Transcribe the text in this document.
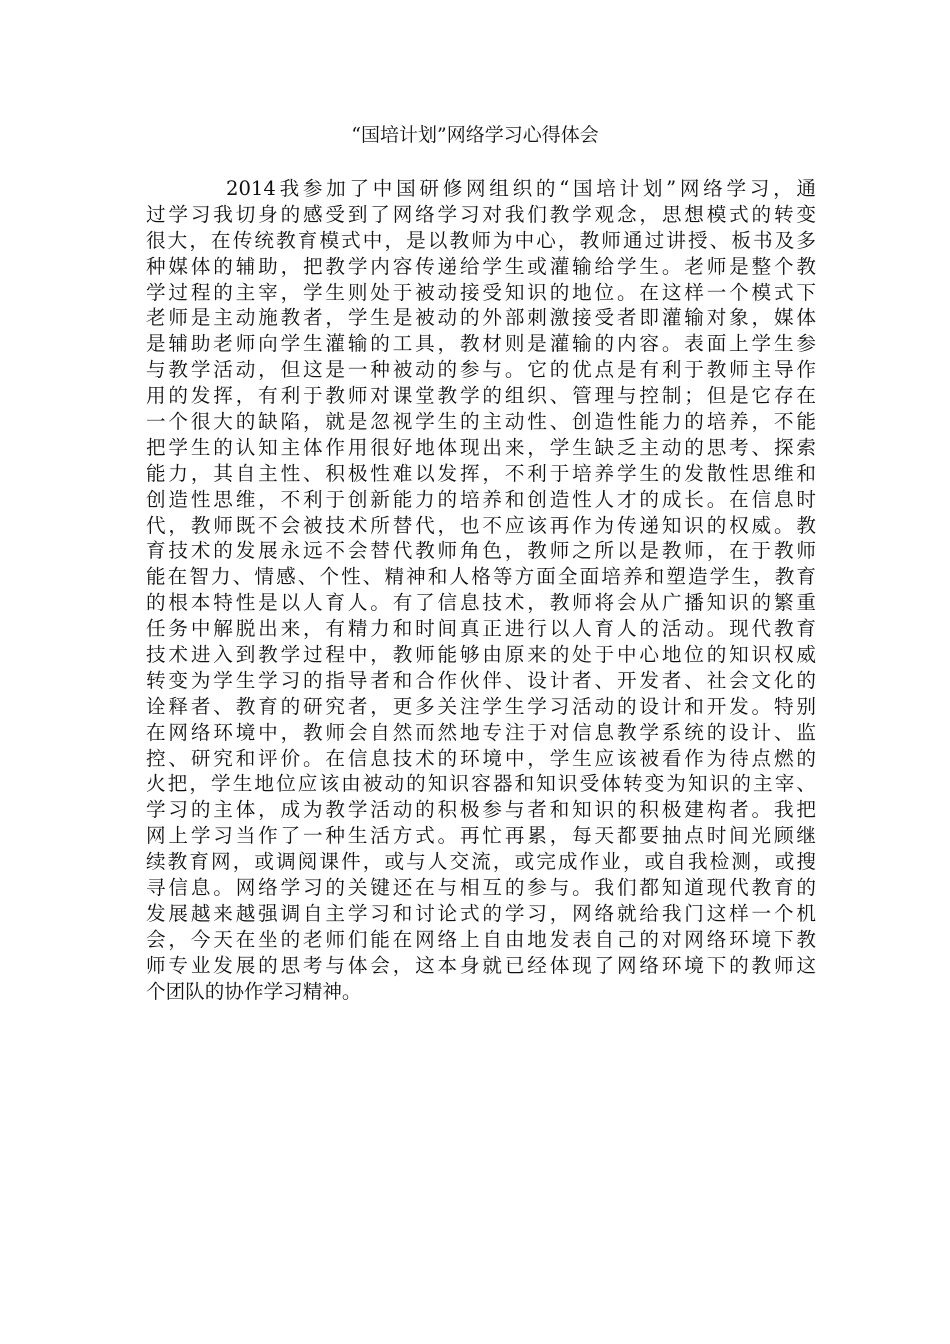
“国培计划”网络学习心得体会
2014我参加了中国研修网组织的“国培计划”网络学习，通
过学习我切身的感受到了网络学习对我们教学观念，思想模式的转变
很大，在传统教育模式中，是以教师为中心，教师通过讲授、板书及多
种媒体的辅助，把教学内容传递给学生或灌输给学生。老师是整个教
学过程的主宰，学生则处于被动接受知识的地位。在这样一个模式下
老师是主动施教者，学生是被动的外部刺激接受者即灌输对象，媒体
是辅助老师向学生灌输的工具，教材则是灌输的内容。表面上学生参
与教学活动，但这是一种被动的参与。它的优点是有利于教师主导作
用的发挥，有利于教师对课堂教学的组织、管理与控制；但是它存在
一个很大的缺陷，就是忽视学生的主动性、创造性能力的培养，不能
把学生的认知主体作用很好地体现出来，学生缺乏主动的思考、探索
能力，其自主性、积极性难以发挥，不利于培养学生的发散性思维和
创造性思维，不利于创新能力的培养和创造性人才的成长。在信息时
代，教师既不会被技术所替代，也不应该再作为传递知识的权威。教
育技术的发展永远不会替代教师角色，教师之所以是教师，在于教师
能在智力、情感、个性、精神和人格等方面全面培养和塑造学生，教育
的根本特性是以人育人。有了信息技术，教师将会从广播知识的繁重
任务中解脱出来，有精力和时间真正进行以人育人的活动。现代教育
技术进入到教学过程中，教师能够由原来的处于中心地位的知识权威
转变为学生学习的指导者和合作伙伴、设计者、开发者、社会文化的
诠释者、教育的研究者，更多关注学生学习活动的设计和开发。特别
在网络环境中，教师会自然而然地专注于对信息教学系统的设计、监
控、研究和评价。在信息技术的环境中，学生应该被看作为待点燃的
火把，学生地位应该由被动的知识容器和知识受体转变为知识的主宰、
学习的主体，成为教学活动的积极参与者和知识的积极建构者。我把
网上学习当作了一种生活方式。再忙再累，每天都要抽点时间光顾继
续教育网，或调阅课件，或与人交流，或完成作业，或自我检测，或搜
寻信息。网络学习的关键还在与相互的参与。我们都知道现代教育的
发展越来越强调自主学习和讨论式的学习，网络就给我门这样一个机
会，今天在坐的老师们能在网络上自由地发表自己的对网络环境下教
师专业发展的思考与体会，这本身就已经体现了网络环境下的教师这
个团队的协作学习精神。
